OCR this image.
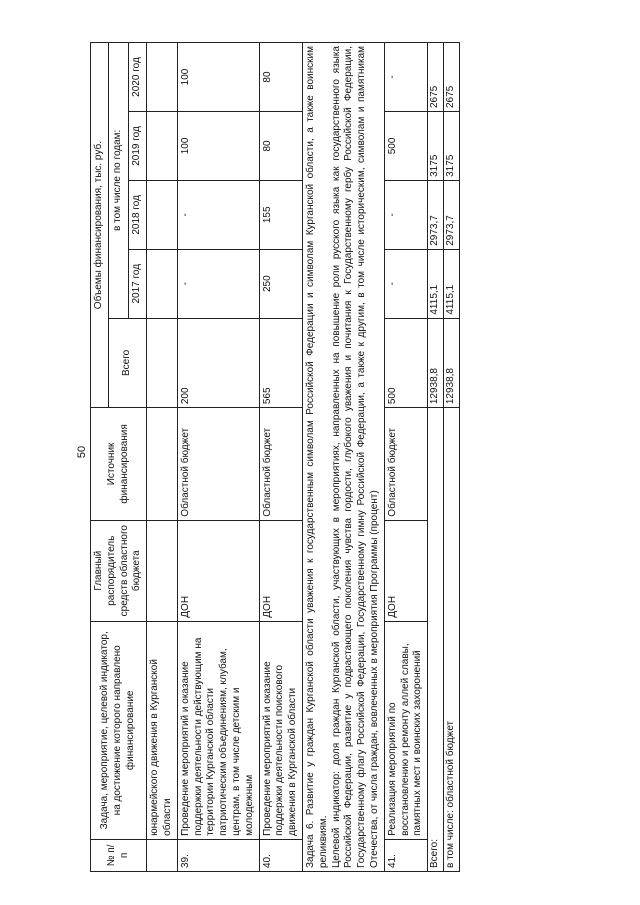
50
№ п/п	Задача, мероприятие, целевой индикатор, на достижение которого направлено финансирование	Главный распорядитель средств областного бюджета	Источник финансирования	Объемы финансирования, тыс. руб.				
				Всего	в том числе по годам:			
					2017 год	2018 год	2019 год	2020 год
	юнармейского движения в Курганской области							
39.	Проведение мероприятий и оказание поддержки деятельности действующим на территории Курганской области патриотическим объединениям, клубам, центрам, в том числе детским и молодежным	ДОН	Областной бюджет	200	-	-	100	100
40.	Проведение мероприятий и оказание поддержки деятельности поискового движения в Курганской области	ДОН	Областной бюджет	565	250	155	80	80

Задача 6. Развитие у граждан Курганской области уважения к государственным символам Российской Федерации и символам Курганской области, а также воинским реликвиям. Целевой индикатор: доля граждан Курганской области, участвующих в мероприятиях, направленных на повышение роли русского языка как государственного языка Российской Федерации, развитие у подрастающего поколения чувства гордости, глубокого уважения и почитания к Государственному гербу Российской Федерации, Государственному флагу Российской Федерации, Государственному гимну Российской Федерации, а также к другим, в том числе историческим, символам и памятникам Отечества, от числа граждан, вовлеченных в мероприятия Программы (процент)								

41.	Реализация мероприятий по восстановлению и ремонту аллей славы, памятных мест и воинских захоронений	ДОН	Областной бюджет	500	-	-	500	-
Всего:				12938,8	4115,1	2973,7	3175	2675
в том числе: областной бюджет				12938,8	4115,1	2973,7	3175	2675
